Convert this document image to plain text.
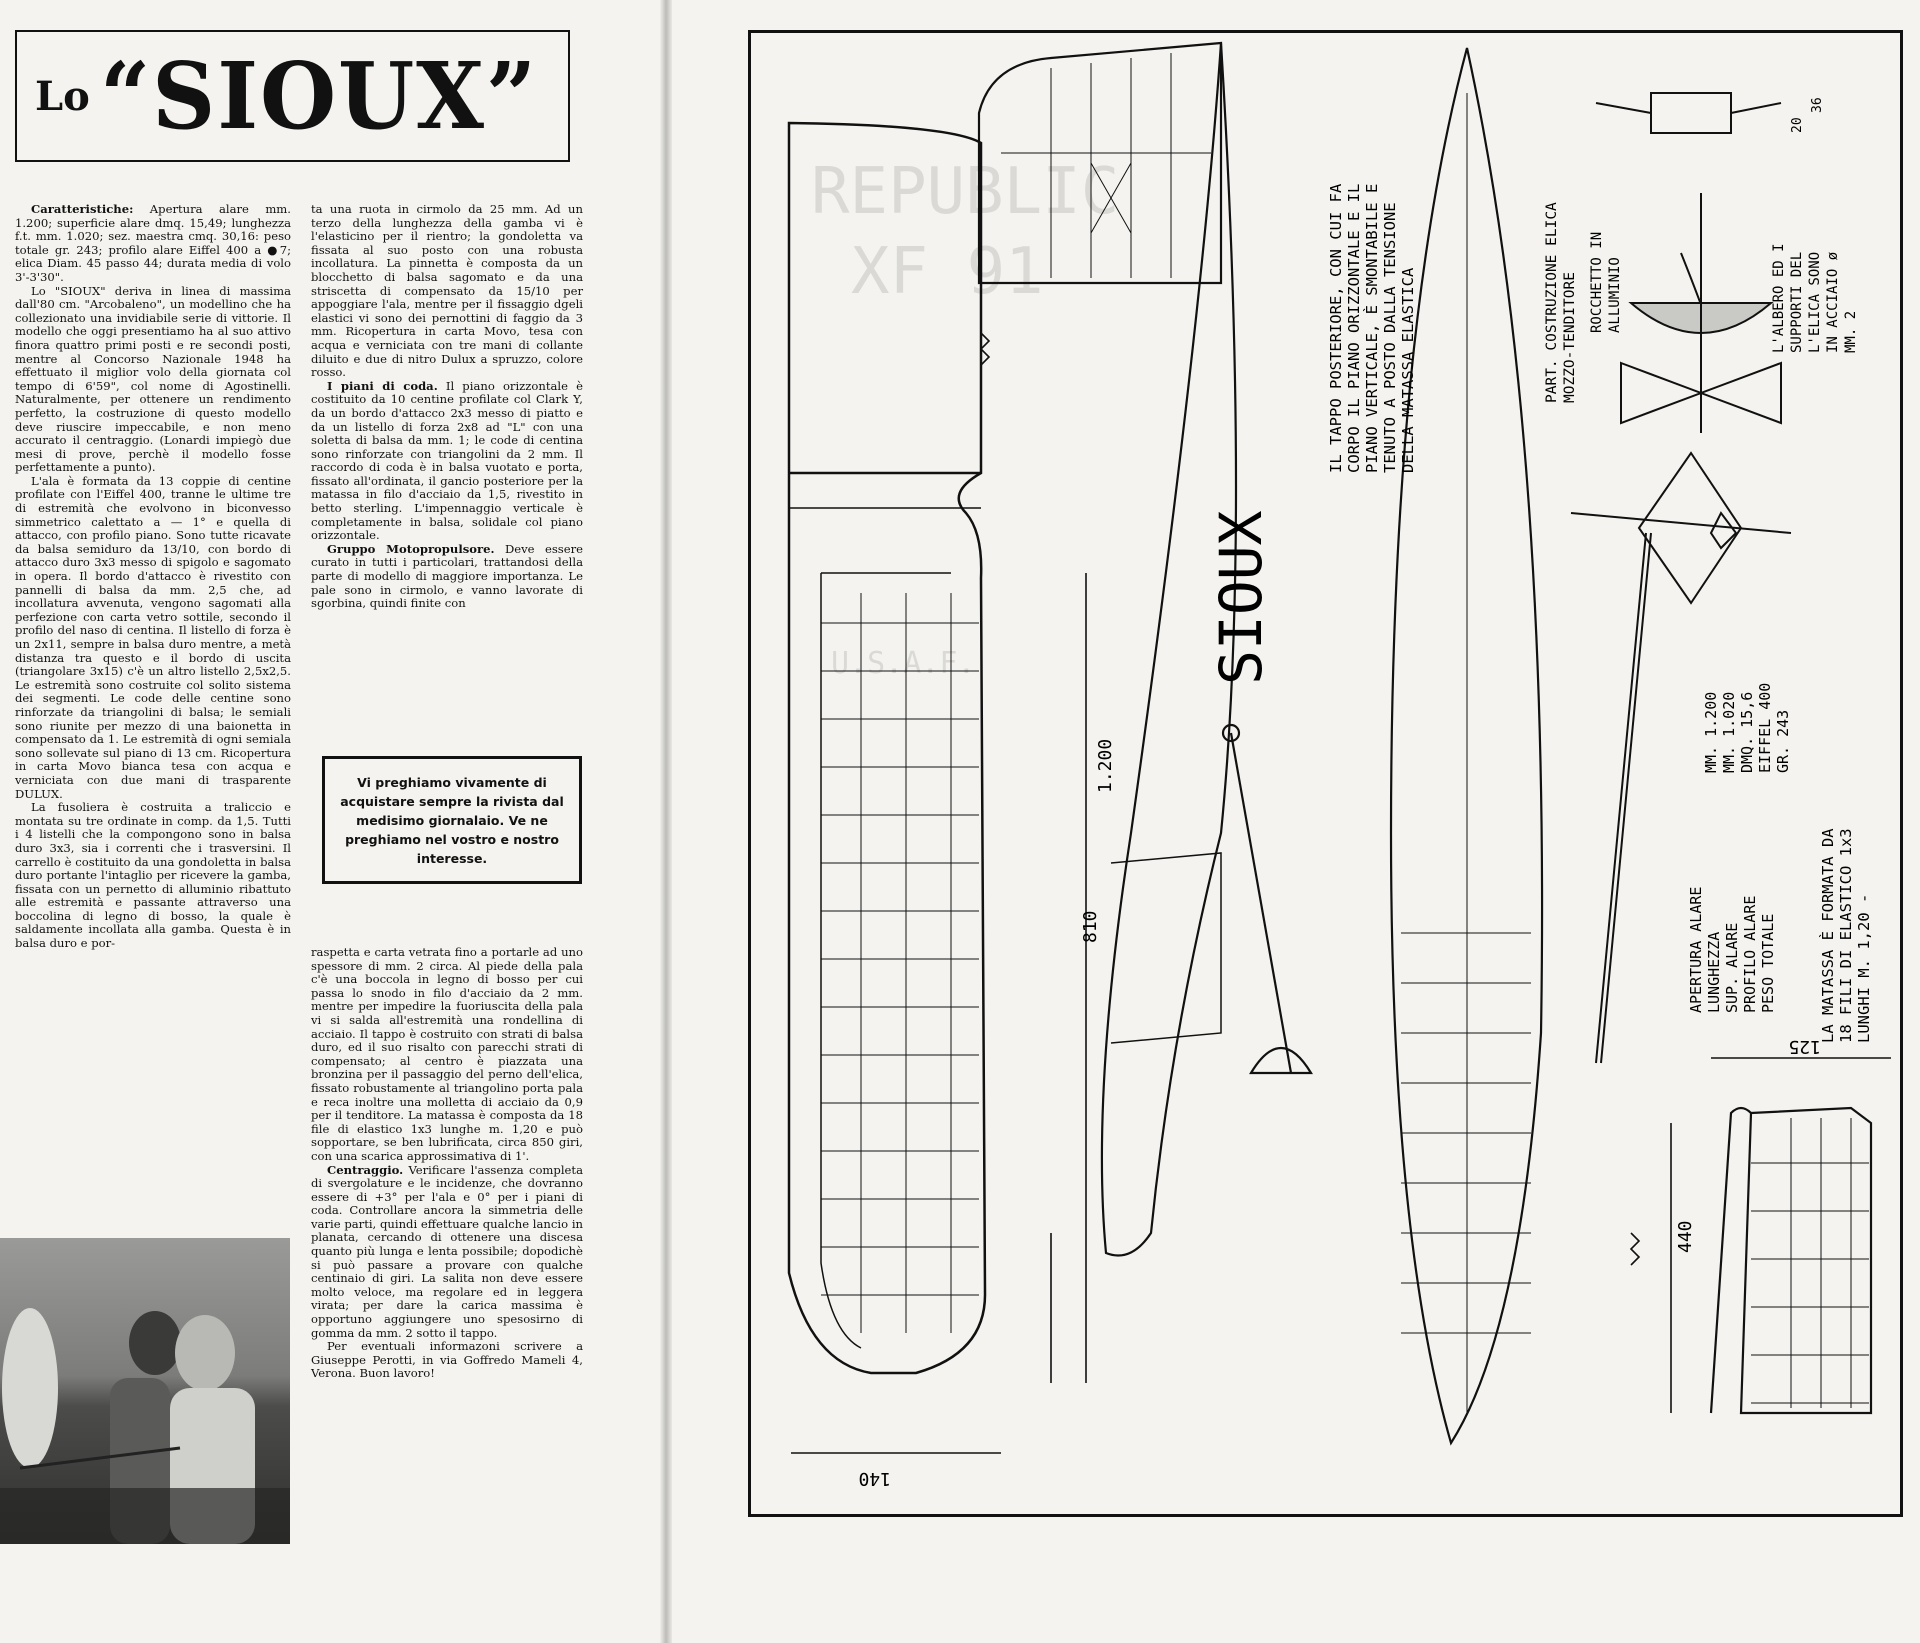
Lo “SIOUX”

Caratteristiche: Apertura alare mm. 1.200; superficie alare dmq. 15,49; lunghezza f.t. mm. 1.020; sez. maestra cmq. 30,16: peso totale gr. 243; profilo alare Eiffel 400 a ●7; elica Diam. 45 passo 44; durata media di volo 3'-3'30".

Lo "SIOUX" deriva in linea di massima dall'80 cm. "Arcobaleno", un modellino che ha collezionato una invidiabile serie di vittorie. Il modello che oggi presentiamo ha al suo attivo finora quattro primi posti e re secondi posti, mentre al Concorso Nazionale 1948 ha effettuato il miglior volo della giornata col tempo di 6'59", col nome di Agostinelli. Naturalmente, per ottenere un rendimento perfetto, la costruzione di questo modello deve riuscire impeccabile, e non meno accurato il centraggio. (Lonardi impiegò due mesi di prove, perchè il modello fosse perfettamente a punto).

L'ala è formata da 13 coppie di centine profilate con l'Eiffel 400, tranne le ultime tre di estremità che evolvono in biconvesso simmetrico calettato a — 1° e quella di attacco, con profilo piano. Sono tutte ricavate da balsa semiduro da 13/10, con bordo di attacco duro 3x3 messo di spigolo e sagomato in opera. Il bordo d'attacco è rivestito con pannelli di balsa da mm. 2,5 che, ad incollatura avvenuta, vengono sagomati alla perfezione con carta vetro sottile, secondo il profilo del naso di centina. Il listello di forza è un 2x11, sempre in balsa duro mentre, a metà distanza tra questo e il bordo di uscita (triangolare 3x15) c'è un altro listello 2,5x2,5. Le estremità sono costruite col solito sistema dei segmenti. Le code delle centine sono rinforzate da triangolini di balsa; le semiali sono riunite per mezzo di una baionetta in compensato da 1. Le estremità di ogni semiala sono sollevate sul piano di 13 cm. Ricopertura in carta Movo bianca tesa con acqua e verniciata con due mani di trasparente DULUX.

La fusoliera è costruita a traliccio e montata su tre ordinate in comp. da 1,5. Tutti i 4 listelli che la compongono sono in balsa duro 3x3, sia i correnti che i trasversini. Il carrello è costituito da una gondoletta in balsa duro portante l'intaglio per ricevere la gamba, fissata con un pernetto di alluminio ribattuto alle estremità e passante attraverso una boccolina di legno di bosso, la quale è saldamente incollata alla gamba. Questa è in balsa duro e por-

ta una ruota in cirmolo da 25 mm. Ad un terzo della lunghezza della gamba vi è l'elasticino per il rientro; la gondoletta va fissata al suo posto con una robusta incollatura. La pinnetta è composta da un blocchetto di balsa sagomato e da una striscetta di compensato da 15/10 per appoggiare l'ala, mentre per il fissaggio dgeli elastici vi sono dei pernottini di faggio da 3 mm. Ricopertura in carta Movo, tesa con acqua e verniciata con tre mani di collante diluito e due di nitro Dulux a spruzzo, colore rosso.

I piani di coda. Il piano orizzontale è costituito da 10 centine profilate col Clark Y, da un bordo d'attacco 2x3 messo di piatto e da un listello di forza 2x8 ad "L" con una soletta di balsa da mm. 1; le code di centina sono rinforzate con triangolini da 2 mm. Il raccordo di coda è in balsa vuotato e porta, fissato all'ordinata, il gancio posteriore per la matassa in filo d'acciaio da 1,5, rivestito in betto sterling. L'impennaggio verticale è completamente in balsa, solidale col piano orizzontale.

Gruppo Motopropulsore. Deve essere curato in tutti i particolari, trattandosi della parte di modello di maggiore importanza. Le pale sono in cirmolo, e vanno lavorate di sgorbina, quindi finite con

raspetta e carta vetrata fino a portarle ad uno spessore di mm. 2 circa. Al piede della pala c'è una boccola in legno di bosso per cui passa lo snodo in filo d'acciaio da 2 mm. mentre per impedire la fuoriuscita della pala vi si salda all'estremità una rondellina di acciaio. Il tappo è costruito con strati di balsa duro, ed il suo risalto con parecchi strati di compensato; al centro è piazzata una bronzina per il passaggio del perno dell'elica, fissato robustamente al triangolino porta pala e reca inoltre una molletta di acciaio da 0,9 per il tenditore. La matassa è composta da 18 file di elastico 1x3 lunghe m. 1,20 e può sopportare, se ben lubrificata, circa 850 giri, con una scarica approssimativa di 1'.

Centraggio. Verificare l'assenza completa di svergolature e le incidenze, che dovranno essere di +3° per l'ala e 0° per i piani di coda. Controllare ancora la simmetria delle varie parti, quindi effettuare qualche lancio in planata, cercando di ottenere una discesa quanto più lunga e lenta possibile; dopodichè si può passare a provare con qualche centinaio di giri. La salita non deve essere molto veloce, ma regolare ed in leggera virata; per dare la carica massima è opportuno aggiungere uno spesosirno di gomma da mm. 2 sotto il tappo.

Per eventuali informazoni scrivere a Giuseppe Perotti, in via Goffredo Mameli 4, Verona. Buon lavoro!

Vi preghiamo vivamente di acquistare sempre la rivista dal medisimo giornalaio. Ve ne preghiamo nel vostro e nostro interesse.
REPUBLIC
XF 91
U.S.A.F.
1.200
810
140
SIOUX
IL TAPPO POSTERIORE, CON CUI FA CORPO IL PIANO ORIZZONTALE E IL PIANO VERTICALE, È SMONTABILE E TENUTO A POSTO DALLA TENSIONE DELLA MATASSA ELASTICA	PART. COSTRUZIONE ELICA MOZZO-TENDITORE ROCCHETTO IN ALLUMINIO	L'ALBERO ED I SUPPORTI DEL L'ELICA SONO IN ACCIAIO ø MM. 2
36
20
APERTURA ALARE LUNGHEZZA SUP. ALARE PROFILO ALARE PESO TOTALE
MM. 1.200 MM. 1.020 DMQ. 15,6 EIFFEL 400 GR. 243
LA MATASSA È FORMATA DA 18 FILI DI ELASTICO 1x3 LUNGHI M. 1,20 -
440
125
